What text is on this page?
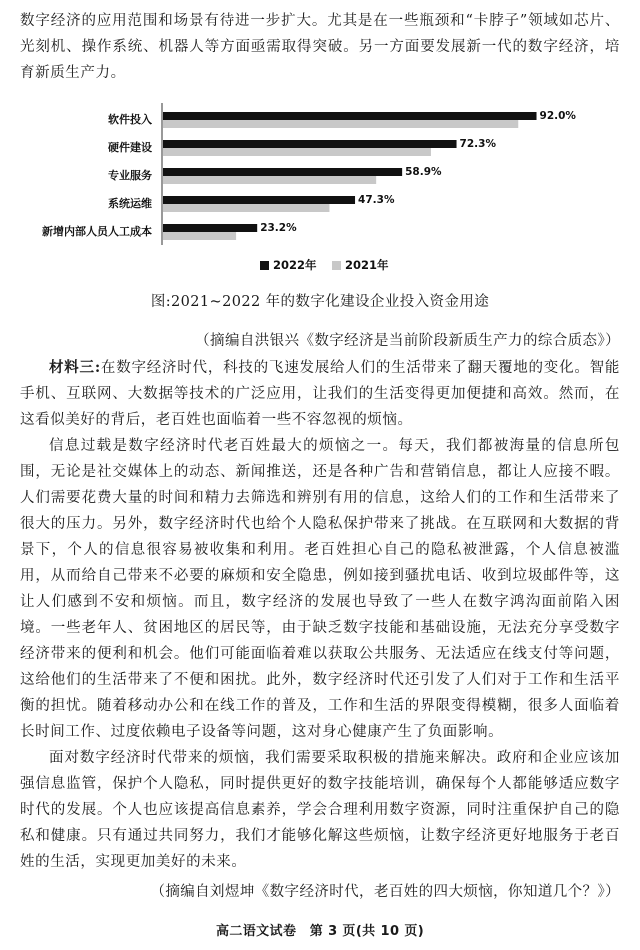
数字经济的应用范围和场景有待进一步扩大。尤其是在一些瓶颈和“卡脖子”领域如芯片、光刻机、操作系统、机器人等方面亟需取得突破。另一方面要发展新一代的数字经济，培育新质生产力。

软件投入	92.0%
硬件建设	72.3%
专业服务	58.9%
系统运维	47.3%
新增内部人员人工成本	23.2%
2022年 2021年
图:2021~2022 年的数字化建设企业投入资金用途
（摘编自洪银兴《数字经济是当前阶段新质生产力的综合质态》）

材料三:在数字经济时代，科技的飞速发展给人们的生活带来了翻天覆地的变化。智能手机、互联网、大数据等技术的广泛应用，让我们的生活变得更加便捷和高效。然而，在这看似美好的背后，老百姓也面临着一些不容忽视的烦恼。

信息过载是数字经济时代老百姓最大的烦恼之一。每天，我们都被海量的信息所包围，无论是社交媒体上的动态、新闻推送，还是各种广告和营销信息，都让人应接不暇。人们需要花费大量的时间和精力去筛选和辨别有用的信息，这给人们的工作和生活带来了很大的压力。另外，数字经济时代也给个人隐私保护带来了挑战。在互联网和大数据的背景下，个人的信息很容易被收集和利用。老百姓担心自己的隐私被泄露，个人信息被滥用，从而给自己带来不必要的麻烦和安全隐患，例如接到骚扰电话、收到垃圾邮件等，这让人们感到不安和烦恼。而且，数字经济的发展也导致了一些人在数字鸿沟面前陷入困境。一些老年人、贫困地区的居民等，由于缺乏数字技能和基础设施，无法充分享受数字经济带来的便利和机会。他们可能面临着难以获取公共服务、无法适应在线支付等问题，这给他们的生活带来了不便和困扰。此外，数字经济时代还引发了人们对于工作和生活平衡的担忧。随着移动办公和在线工作的普及，工作和生活的界限变得模糊，很多人面临着长时间工作、过度依赖电子设备等问题，这对身心健康产生了负面影响。

面对数字经济时代带来的烦恼，我们需要采取积极的措施来解决。政府和企业应该加强信息监管，保护个人隐私，同时提供更好的数字技能培训，确保每个人都能够适应数字时代的发展。个人也应该提高信息素养，学会合理利用数字资源，同时注重保护自己的隐私和健康。只有通过共同努力，我们才能够化解这些烦恼，让数字经济更好地服务于老百姓的生活，实现更加美好的未来。

（摘编自刘煜坤《数字经济时代，老百姓的四大烦恼，你知道几个？》）
高二语文试卷　第 3 页(共 10 页)
